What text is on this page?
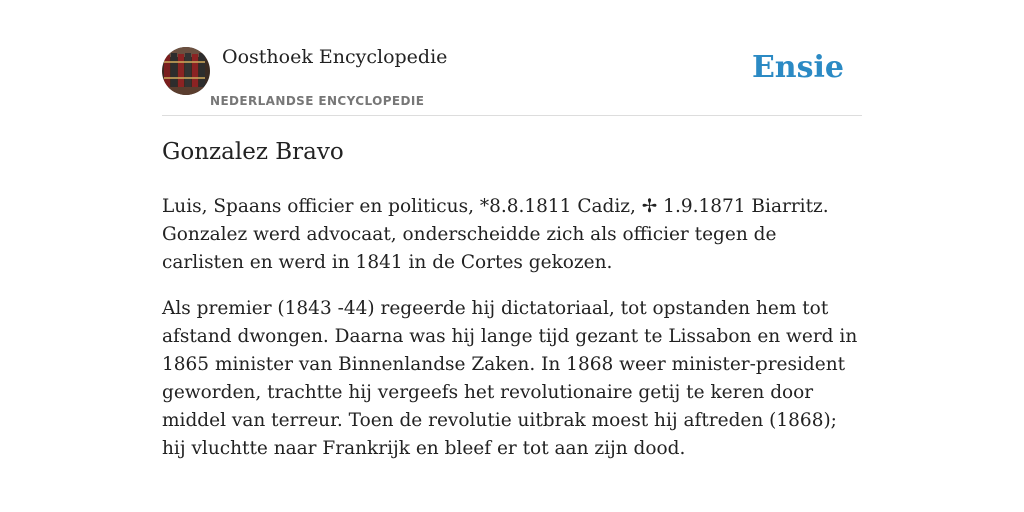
Oosthoek Encyclopedie
NEDERLANDSE ENCYCLOPEDIE
Ensie
Gonzalez Bravo

Luis, Spaans officier en politicus, *8.8.1811 Cadiz, ✢ 1.9.1871 Biarritz. Gonzalez werd advocaat, onderscheidde zich als officier tegen de carlisten en werd in 1841 in de Cortes gekozen.

Als premier (1843 -44) regeerde hij dictatoriaal, tot opstanden hem tot afstand dwongen. Daarna was hij lange tijd gezant te Lissabon en werd in 1865 minister van Binnenlandse Zaken. In 1868 weer minister-president geworden, trachtte hij vergeefs het revolutionaire getij te keren door middel van terreur. Toen de revolutie uitbrak moest hij aftreden (1868); hij vluchtte naar Frankrijk en bleef er tot aan zijn dood.
